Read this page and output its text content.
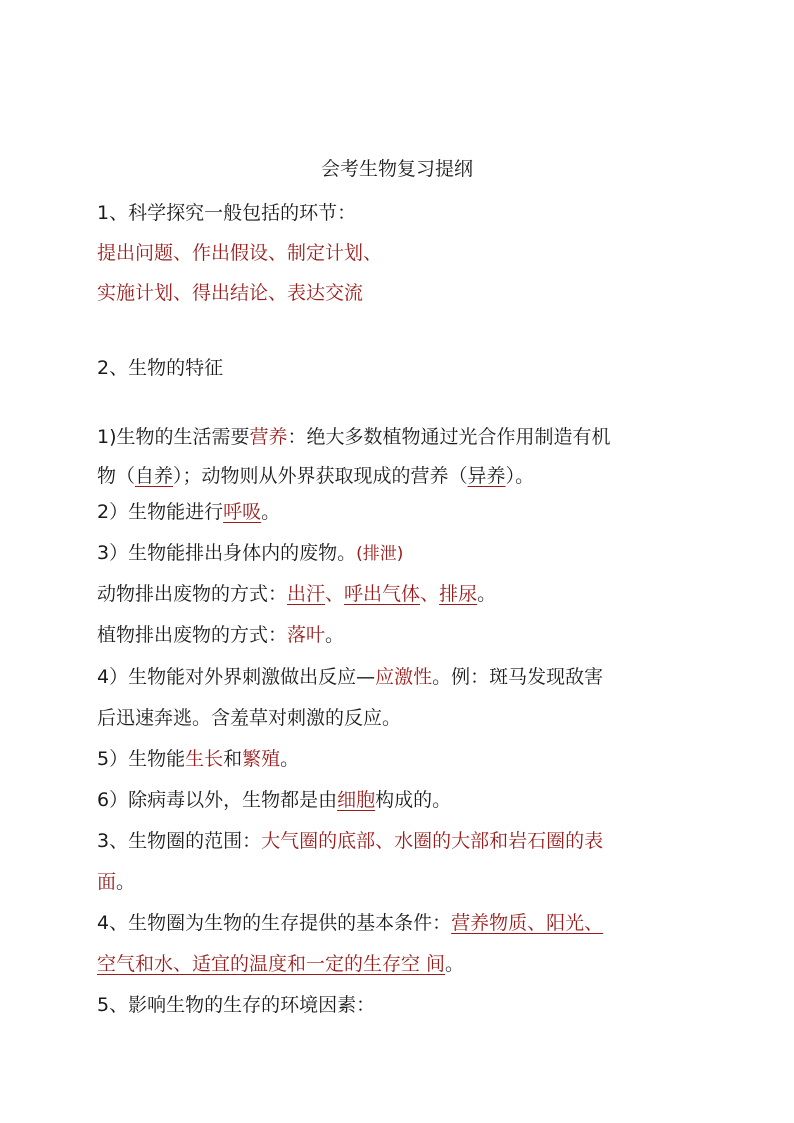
会考生物复习提纲
1、科学探究一般包括的环节：
提出问题、作出假设、制定计划、
实施计划、得出结论、表达交流
2、生物的特征
1)生物的生活需要营养：绝大多数植物通过光合作用制造有机
物（自养）；动物则从外界获取现成的营养（异养）。
2）生物能进行呼吸。
3）生物能排出身体内的废物。(排泄)
动物排出废物的方式：出汗、呼出气体、排尿。
植物排出废物的方式：落叶。
4）生物能对外界刺激做出反应—应激性。例：斑马发现敌害
后迅速奔逃。含羞草对刺激的反应。
5）生物能生长和繁殖。
6）除病毒以外，生物都是由细胞构成的。
3、生物圈的范围：大气圈的底部、水圈的大部和岩石圈的表
面。
4、生物圈为生物的生存提供的基本条件：营养物质、阳光、
空气和水、适宜的温度和一定的生存空 间。
5、影响生物的生存的环境因素：
